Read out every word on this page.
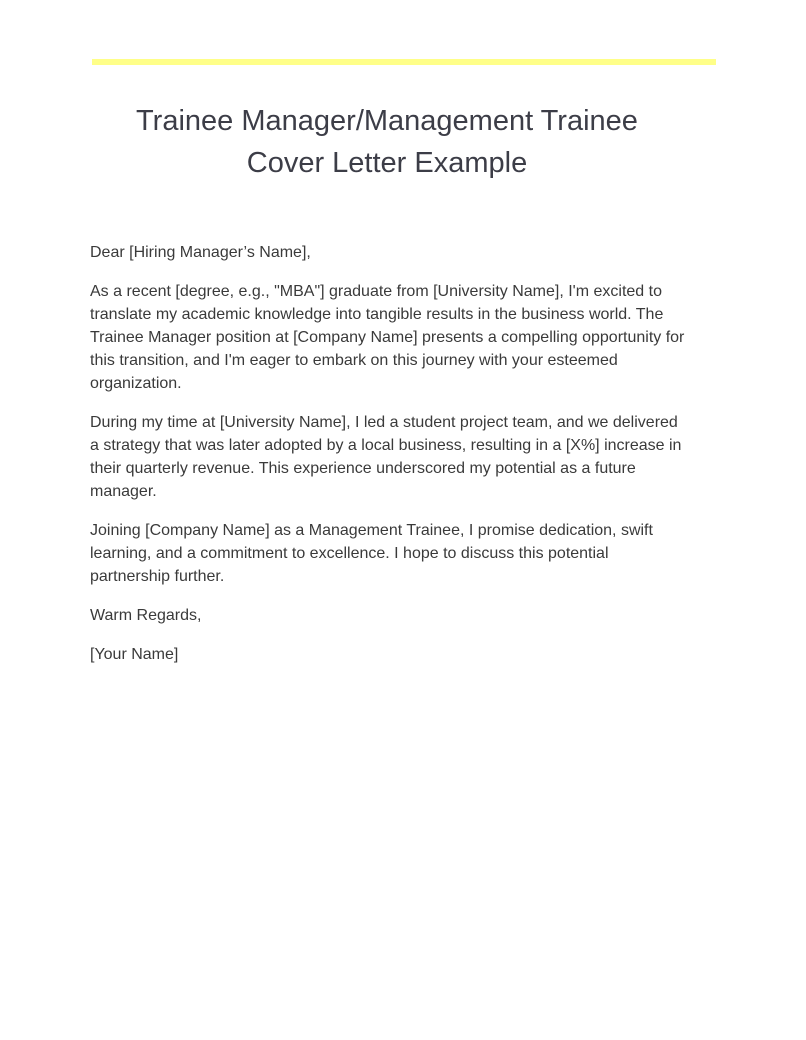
Trainee Manager/Management Trainee
Cover Letter Example

Dear [Hiring Manager’s Name],

As a recent [degree, e.g., "MBA"] graduate from [University Name], I'm excited to translate my academic knowledge into tangible results in the business world. The Trainee Manager position at [Company Name] presents a compelling opportunity for this transition, and I'm eager to embark on this journey with your esteemed organization.

During my time at [University Name], I led a student project team, and we delivered a strategy that was later adopted by a local business, resulting in a [X%] increase in their quarterly revenue. This experience underscored my potential as a future manager.

Joining [Company Name] as a Management Trainee, I promise dedication, swift learning, and a commitment to excellence. I hope to discuss this potential partnership further.

Warm Regards,

[Your Name]
